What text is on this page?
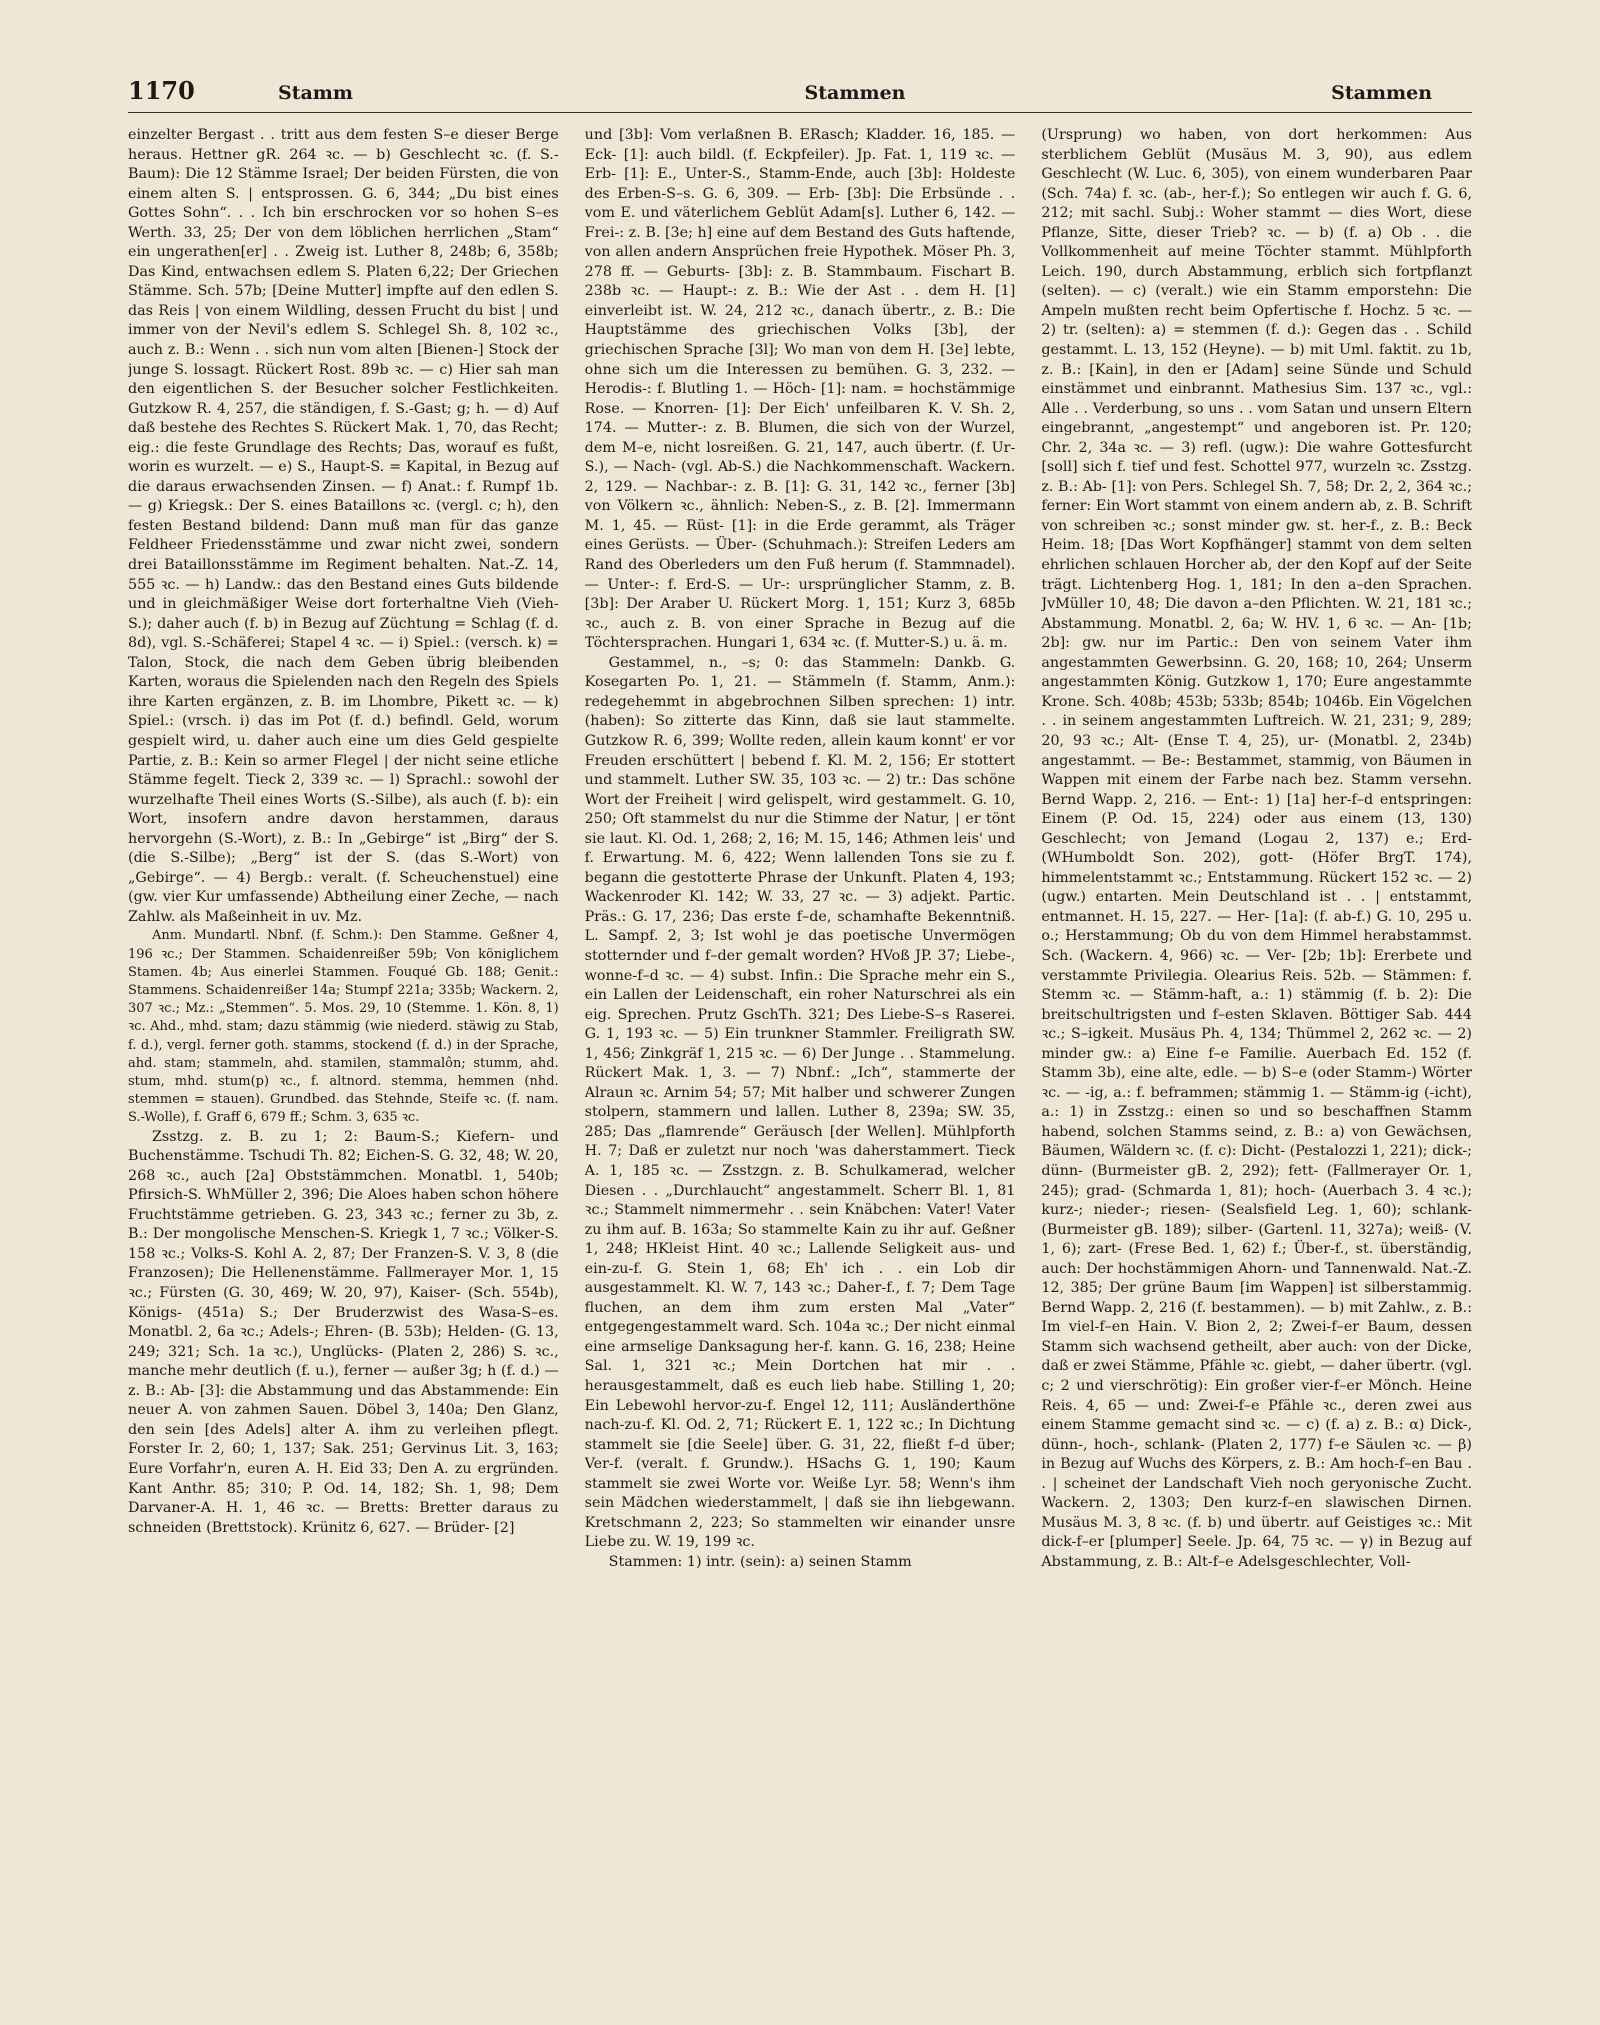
1170	Stamm	Stammen	Stammen

einzelter Bergast . . tritt aus dem festen S–e dieser Berge heraus. Hettner gR. 264 ꝛc. — b) Geschlecht ꝛc. (f. S.-Baum): Die 12 Stämme Israel; Der beiden Fürsten, die von einem alten S. | entsprossen. G. 6, 344; „Du bist eines Gottes Sohn“. . . Ich bin erschrocken vor so hohen S–es Werth. 33, 25; Der von dem löblichen herrlichen „Stam“ ein ungerathen[er] . . Zweig ist. Luther 8, 248b; 6, 358b; Das Kind, entwachsen edlem S. Platen 6,22; Der Griechen Stämme. Sch. 57b; [Deine Mutter] impfte auf den edlen S. das Reis | von einem Wildling, dessen Frucht du bist | und immer von der Nevil's edlem S. Schlegel Sh. 8, 102 ꝛc., auch z. B.: Wenn . . sich nun vom alten [Bienen-] Stock der junge S. lossagt. Rückert Rost. 89b ꝛc. — c) Hier sah man den eigentlichen S. der Besucher solcher Festlichkeiten. Gutzkow R. 4, 257, die ständigen, f. S.-Gast; g; h. — d) Auf daß bestehe des Rechtes S. Rückert Mak. 1, 70, das Recht; eig.: die feste Grundlage des Rechts; Das, worauf es fußt, worin es wurzelt. — e) S., Haupt-S. = Kapital, in Bezug auf die daraus erwachsenden Zinsen. — f) Anat.: f. Rumpf 1b. — g) Kriegsk.: Der S. eines Bataillons ꝛc. (vergl. c; h), den festen Bestand bildend: Dann muß man für das ganze Feldheer Friedensstämme und zwar nicht zwei, sondern drei Bataillonsstämme im Regiment behalten. Nat.-Z. 14, 555 ꝛc. — h) Landw.: das den Bestand eines Guts bildende und in gleichmäßiger Weise dort forterhaltne Vieh (Vieh-S.); daher auch (f. b) in Bezug auf Züchtung = Schlag (f. d. 8d), vgl. S.-Schäferei; Stapel 4 ꝛc. — i) Spiel.: (versch. k) = Talon, Stock, die nach dem Geben übrig bleibenden Karten, woraus die Spielenden nach den Regeln des Spiels ihre Karten ergänzen, z. B. im Lhombre, Pikett ꝛc. — k) Spiel.: (vrsch. i) das im Pot (f. d.) befindl. Geld, worum gespielt wird, u. daher auch eine um dies Geld gespielte Partie, z. B.: Kein so armer Flegel | der nicht seine etliche Stämme fegelt. Tieck 2, 339 ꝛc. — l) Sprachl.: sowohl der wurzelhafte Theil eines Worts (S.-Silbe), als auch (f. b): ein Wort, insofern andre davon herstammen, daraus hervorgehn (S.-Wort), z. B.: In „Gebirge“ ist „Birg“ der S. (die S.-Silbe); „Berg“ ist der S. (das S.-Wort) von „Gebirge“. — 4) Bergb.: veralt. (f. Scheuchenstuel) eine (gw. vier Kur umfassende) Abtheilung einer Zeche, — nach Zahlw. als Maßeinheit in uv. Mz.

Anm. Mundartl. Nbnf. (f. Schm.): Den Stamme. Geßner 4, 196 ꝛc.; Der Stammen. Schaidenreißer 59b; Von königlichem Stamen. 4b; Aus einerlei Stammen. Fouqué Gb. 188; Genit.: Stammens. Schaidenreißer 14a; Stumpf 221a; 335b; Wackern. 2, 307 ꝛc.; Mz.: „Stemmen“. 5. Mos. 29, 10 (Stemme. 1. Kön. 8, 1) ꝛc. Ahd., mhd. stam; dazu stämmig (wie niederd. stäwig zu Stab, f. d.), vergl. ferner goth. stamms, stockend (f. d.) in der Sprache, ahd. stam; stammeln, ahd. stamilen, stammalôn; stumm, ahd. stum, mhd. stum(p) ꝛc., f. altnord. stemma, hemmen (nhd. stemmen = stauen). Grundbed. das Stehnde, Steife ꝛc. (f. nam. S.-Wolle), f. Graff 6, 679 ff.; Schm. 3, 635 ꝛc.

Zsstzg. z. B. zu 1; 2: Baum-S.; Kiefern- und Buchenstämme. Tschudi Th. 82; Eichen-S. G. 32, 48; W. 20, 268 ꝛc., auch [2a] Obststämmchen. Monatbl. 1, 540b; Pfirsich-S. WhMüller 2, 396; Die Aloes haben schon höhere Fruchtstämme getrieben. G. 23, 343 ꝛc.; ferner zu 3b, z. B.: Der mongolische Menschen-S. Kriegk 1, 7 ꝛc.; Völker-S. 158 ꝛc.; Volks-S. Kohl A. 2, 87; Der Franzen-S. V. 3, 8 (die Franzosen); Die Hellenenstämme. Fallmerayer Mor. 1, 15 ꝛc.; Fürsten (G. 30, 469; W. 20, 97), Kaiser- (Sch. 554b), Königs- (451a) S.; Der Bruderzwist des Wasa-S–es. Monatbl. 2, 6a ꝛc.; Adels-; Ehren- (B. 53b); Helden- (G. 13, 249; 321; Sch. 1a ꝛc.), Unglücks- (Platen 2, 286) S. ꝛc., manche mehr deutlich (f. u.), ferner — außer 3g; h (f. d.) — z. B.: Ab- [3]: die Abstammung und das Abstammende: Ein neuer A. von zahmen Sauen. Döbel 3, 140a; Den Glanz, den sein [des Adels] alter A. ihm zu verleihen pflegt. Forster Ir. 2, 60; 1, 137; Sak. 251; Gervinus Lit. 3, 163; Eure Vorfahr'n, euren A. H. Eid 33; Den A. zu ergründen. Kant Anthr. 85; 310; P. Od. 14, 182; Sh. 1, 98; Dem Darvaner-A. H. 1, 46 ꝛc. — Bretts: Bretter daraus zu schneiden (Brettstock). Krünitz 6, 627. — Brüder- [2]

und [3b]: Vom verlaßnen B. ERasch; Kladder. 16, 185. — Eck- [1]: auch bildl. (f. Eckpfeiler). Jp. Fat. 1, 119 ꝛc. — Erb- [1]: E., Unter-S., Stamm-Ende, auch [3b]: Holdeste des Erben-S–s. G. 6, 309. — Erb- [3b]: Die Erbsünde . . vom E. und väterlichem Geblüt Adam[s]. Luther 6, 142. — Frei-: z. B. [3e; h] eine auf dem Bestand des Guts haftende, von allen andern Ansprüchen freie Hypothek. Möser Ph. 3, 278 ff. — Geburts- [3b]: z. B. Stammbaum. Fischart B. 238b ꝛc. — Haupt-: z. B.: Wie der Ast . . dem H. [1] einverleibt ist. W. 24, 212 ꝛc., danach übertr., z. B.: Die Hauptstämme des griechischen Volks [3b], der griechischen Sprache [3l]; Wo man von dem H. [3e] lebte, ohne sich um die Interessen zu bemühen. G. 3, 232. — Herodis-: f. Blutling 1. — Höch- [1]: nam. = hochstämmige Rose. — Knorren- [1]: Der Eich' unfeilbaren K. V. Sh. 2, 174. — Mutter-: z. B. Blumen, die sich von der Wurzel, dem M–e, nicht losreißen. G. 21, 147, auch übertr. (f. Ur-S.), — Nach- (vgl. Ab-S.) die Nachkommenschaft. Wackern. 2, 129. — Nachbar-: z. B. [1]: G. 31, 142 ꝛc., ferner [3b] von Völkern ꝛc., ähnlich: Neben-S., z. B. [2]. Immermann M. 1, 45. — Rüst- [1]: in die Erde gerammt, als Träger eines Gerüsts. — Über- (Schuhmach.): Streifen Leders am Rand des Oberleders um den Fuß herum (f. Stammnadel). — Unter-: f. Erd-S. — Ur-: ursprünglicher Stamm, z. B. [3b]: Der Araber U. Rückert Morg. 1, 151; Kurz 3, 685b ꝛc., auch z. B. von einer Sprache in Bezug auf die Töchtersprachen. Hungari 1, 634 ꝛc. (f. Mutter-S.) u. ä. m.

Gestammel, n., –s; 0: das Stammeln: Dankb. G. Kosegarten Po. 1, 21. — Stämmeln (f. Stamm, Anm.): redegehemmt in abgebrochnen Silben sprechen: 1) intr. (haben): So zitterte das Kinn, daß sie laut stammelte. Gutzkow R. 6, 399; Wollte reden, allein kaum konnt' er vor Freuden erschüttert | bebend f. Kl. M. 2, 156; Er stottert und stammelt. Luther SW. 35, 103 ꝛc. — 2) tr.: Das schöne Wort der Freiheit | wird gelispelt, wird gestammelt. G. 10, 250; Oft stammelst du nur die Stimme der Natur, | er tönt sie laut. Kl. Od. 1, 268; 2, 16; M. 15, 146; Athmen leis' und f. Erwartung. M. 6, 422; Wenn lallenden Tons sie zu f. begann die gestotterte Phrase der Unkunft. Platen 4, 193; Wackenroder Kl. 142; W. 33, 27 ꝛc. — 3) adjekt. Partic. Präs.: G. 17, 236; Das erste f–de, schamhafte Bekenntniß. L. Sampf. 2, 3; Ist wohl je das poetische Unvermögen stotternder und f–der gemalt worden? HVoß JP. 37; Liebe-, wonne-f–d ꝛc. — 4) subst. Infin.: Die Sprache mehr ein S., ein Lallen der Leidenschaft, ein roher Naturschrei als ein eig. Sprechen. Prutz GschTh. 321; Des Liebe-S–s Raserei. G. 1, 193 ꝛc. — 5) Ein trunkner Stammler. Freiligrath SW. 1, 456; Zinkgräf 1, 215 ꝛc. — 6) Der Junge . . Stammelung. Rückert Mak. 1, 3. — 7) Nbnf.: „Ich“, stammerte der Alraun ꝛc. Arnim 54; 57; Mit halber und schwerer Zungen stolpern, stammern und lallen. Luther 8, 239a; SW. 35, 285; Das „flamrende“ Geräusch [der Wellen]. Mühlpforth H. 7; Daß er zuletzt nur noch 'was daherstammert. Tieck A. 1, 185 ꝛc. — Zsstzgn. z. B. Schulkamerad, welcher Diesen . . „Durchlaucht“ angestammelt. Scherr Bl. 1, 81 ꝛc.; Stammelt nimmermehr . . sein Knäbchen: Vater! Vater zu ihm auf. B. 163a; So stammelte Kain zu ihr auf. Geßner 1, 248; HKleist Hint. 40 ꝛc.; Lallende Seligkeit aus- und ein-zu-f. G. Stein 1, 68; Eh' ich . . ein Lob dir ausgestammelt. Kl. W. 7, 143 ꝛc.; Daher-f., f. 7; Dem Tage fluchen, an dem ihm zum ersten Mal „Vater“ entgegengestammelt ward. Sch. 104a ꝛc.; Der nicht einmal eine armselige Danksagung her-f. kann. G. 16, 238; Heine Sal. 1, 321 ꝛc.; Mein Dortchen hat mir . . herausgestammelt, daß es euch lieb habe. Stilling 1, 20; Ein Lebewohl hervor-zu-f. Engel 12, 111; Ausländerthöne nach-zu-f. Kl. Od. 2, 71; Rückert E. 1, 122 ꝛc.; In Dichtung stammelt sie [die Seele] über. G. 31, 22, fließt f–d über; Ver-f. (veralt. f. Grundw.). HSachs G. 1, 190; Kaum stammelt sie zwei Worte vor. Weiße Lyr. 58; Wenn's ihm sein Mädchen wiederstammelt, | daß sie ihn liebgewann. Kretschmann 2, 223; So stammelten wir einander unsre Liebe zu. W. 19, 199 ꝛc.

Stammen: 1) intr. (sein): a) seinen Stamm

(Ursprung) wo haben, von dort herkommen: Aus sterblichem Geblüt (Musäus M. 3, 90), aus edlem Geschlecht (W. Luc. 6, 305), von einem wunderbaren Paar (Sch. 74a) f. ꝛc. (ab-, her-f.); So entlegen wir auch f. G. 6, 212; mit sachl. Subj.: Woher stammt — dies Wort, diese Pflanze, Sitte, dieser Trieb? ꝛc. — b) (f. a) Ob . . die Vollkommenheit auf meine Töchter stammt. Mühlpforth Leich. 190, durch Abstammung, erblich sich fortpflanzt (selten). — c) (veralt.) wie ein Stamm emporstehn: Die Ampeln mußten recht beim Opfertische f. Hochz. 5 ꝛc. — 2) tr. (selten): a) = stemmen (f. d.): Gegen das . . Schild gestammt. L. 13, 152 (Heyne). — b) mit Uml. faktit. zu 1b, z. B.: [Kain], in den er [Adam] seine Sünde und Schuld einstämmet und einbrannt. Mathesius Sim. 137 ꝛc., vgl.: Alle . . Verderbung, so uns . . vom Satan und unsern Eltern eingebrannt, „angestempt“ und angeboren ist. Pr. 120; Chr. 2, 34a ꝛc. — 3) refl. (ugw.): Die wahre Gottesfurcht [soll] sich f. tief und fest. Schottel 977, wurzeln ꝛc. Zsstzg. z. B.: Ab- [1]: von Pers. Schlegel Sh. 7, 58; Dr. 2, 2, 364 ꝛc.; ferner: Ein Wort stammt von einem andern ab, z. B. Schrift von schreiben ꝛc.; sonst minder gw. st. her-f., z. B.: Beck Heim. 18; [Das Wort Kopfhänger] stammt von dem selten ehrlichen schlauen Horcher ab, der den Kopf auf der Seite trägt. Lichtenberg Hog. 1, 181; In den a–den Sprachen. JvMüller 10, 48; Die davon a–den Pflichten. W. 21, 181 ꝛc.; Abstammung. Monatbl. 2, 6a; W. HV. 1, 6 ꝛc. — An- [1b; 2b]: gw. nur im Partic.: Den von seinem Vater ihm angestammten Gewerbsinn. G. 20, 168; 10, 264; Unserm angestammten König. Gutzkow 1, 170; Eure angestammte Krone. Sch. 408b; 453b; 533b; 854b; 1046b. Ein Vögelchen . . in seinem angestammten Luftreich. W. 21, 231; 9, 289; 20, 93 ꝛc.; Alt- (Ense T. 4, 25), ur- (Monatbl. 2, 234b) angestammt. — Be-: Bestammet, stammig, von Bäumen in Wappen mit einem der Farbe nach bez. Stamm versehn. Bernd Wapp. 2, 216. — Ent-: 1) [1a] her-f–d entspringen: Einem (P. Od. 15, 224) oder aus einem (13, 130) Geschlecht; von Jemand (Logau 2, 137) e.; Erd- (WHumboldt Son. 202), gott- (Höfer BrgT. 174), himmelentstammt ꝛc.; Entstammung. Rückert 152 ꝛc. — 2) (ugw.) entarten. Mein Deutschland ist . . | entstammt, entmannet. H. 15, 227. — Her- [1a]: (f. ab-f.) G. 10, 295 u. o.; Herstammung; Ob du von dem Himmel herabstammst. Sch. (Wackern. 4, 966) ꝛc. — Ver- [2b; 1b]: Ererbete und verstammte Privilegia. Olearius Reis. 52b. — Stämmen: f. Stemm ꝛc. — Stämm-haft, a.: 1) stämmig (f. b. 2): Die breitschultrigsten und f–esten Sklaven. Böttiger Sab. 444 ꝛc.; S–igkeit. Musäus Ph. 4, 134; Thümmel 2, 262 ꝛc. — 2) minder gw.: a) Eine f–e Familie. Auerbach Ed. 152 (f. Stamm 3b), eine alte, edle. — b) S–e (oder Stamm-) Wörter ꝛc. — -ig, a.: f. beframmen; stämmig 1. — Stämm-ig (-icht), a.: 1) in Zsstzg.: einen so und so beschaffnen Stamm habend, solchen Stamms seind, z. B.: a) von Gewächsen, Bäumen, Wäldern ꝛc. (f. c): Dicht- (Pestalozzi 1, 221); dick-; dünn- (Burmeister gB. 2, 292); fett- (Fallmerayer Or. 1, 245); grad- (Schmarda 1, 81); hoch- (Auerbach 3. 4 ꝛc.); kurz-; nieder-; riesen- (Sealsfield Leg. 1, 60); schlank- (Burmeister gB. 189); silber- (Gartenl. 11, 327a); weiß- (V. 1, 6); zart- (Frese Bed. 1, 62) f.; Über-f., st. überständig, auch: Der hochstämmigen Ahorn- und Tannenwald. Nat.-Z. 12, 385; Der grüne Baum [im Wappen] ist silberstammig. Bernd Wapp. 2, 216 (f. bestammen). — b) mit Zahlw., z. B.: Im viel-f–en Hain. V. Bion 2, 2; Zwei-f–er Baum, dessen Stamm sich wachsend getheilt, aber auch: von der Dicke, daß er zwei Stämme, Pfähle ꝛc. giebt, — daher übertr. (vgl. c; 2 und vierschrötig): Ein großer vier-f–er Mönch. Heine Reis. 4, 65 — und: Zwei-f–e Pfähle ꝛc., deren zwei aus einem Stamme gemacht sind ꝛc. — c) (f. a) z. B.: α) Dick-, dünn-, hoch-, schlank- (Platen 2, 177) f–e Säulen ꝛc. — β) in Bezug auf Wuchs des Körpers, z. B.: Am hoch-f–en Bau . . | scheinet der Landschaft Vieh noch geryonische Zucht. Wackern. 2, 1303; Den kurz-f–en slawischen Dirnen. Musäus M. 3, 8 ꝛc. (f. b) und übertr. auf Geistiges ꝛc.: Mit dick-f–er [plumper] Seele. Jp. 64, 75 ꝛc. — γ) in Bezug auf Abstammung, z. B.: Alt-f–e Adelsgeschlechter, Voll-
